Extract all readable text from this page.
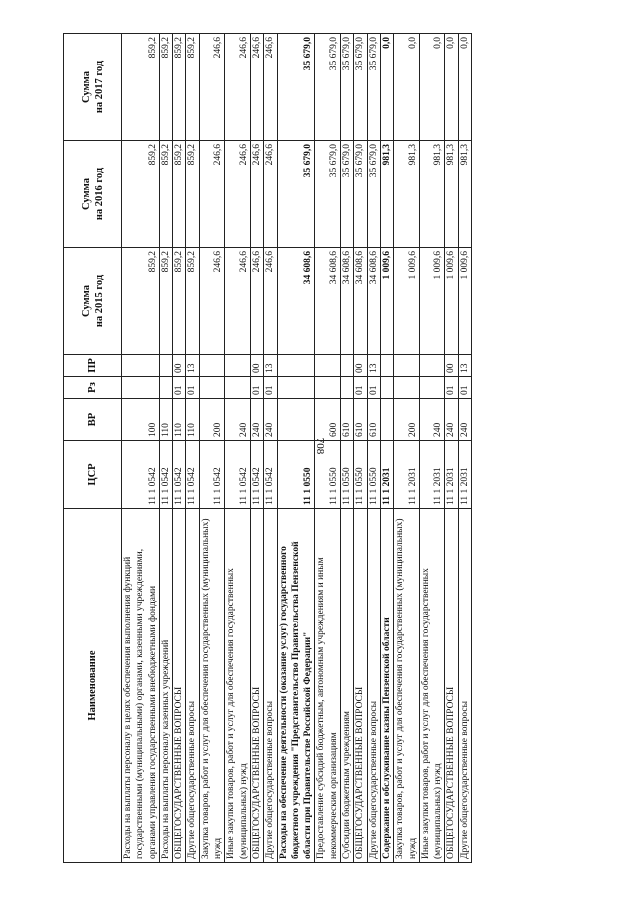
708
Наименование	ЦСР	ВР	Рз	ПР	Сумма на 2015 год	Сумма на 2016 год	Сумма на 2017 год
Расходы на выплаты персоналу в целях обеспечения выполнения функций государственными (муниципальными) органами, казенными учреждениями, органами управления государственными внебюджетными фондами	11 1 0542	100			859,2	859,2	859,2
Расходы на выплаты персоналу казенных учреждений	11 1 0542	110			859,2	859,2	859,2
ОБЩЕГОСУДАРСТВЕННЫЕ ВОПРОСЫ	11 1 0542	110	01	00	859,2	859,2	859,2
Другие общегосударственные вопросы	11 1 0542	110	01	13	859,2	859,2	859,2
Закупка товаров, работ и услуг для обеспечения государственных (муниципальных) нужд	11 1 0542	200			246,6	246,6	246,6
Иные закупки товаров, работ и услуг для обеспечения государственных (муниципальных) нужд	11 1 0542	240			246,6	246,6	246,6
ОБЩЕГОСУДАРСТВЕННЫЕ ВОПРОСЫ	11 1 0542	240	01	00	246,6	246,6	246,6
Другие общегосударственные вопросы	11 1 0542	240	01	13	246,6	246,6	246,6
Расходы на обеспечение деятельности (оказание услуг) государственного бюджетного учреждения "Представительство Правительства Пензенской области при Правительстве Российской Федерации"	11 1 0550				34 608,6	35 679,0	35 679,0
Предоставление субсидий бюджетным, автономным учреждениям и иным некоммерческим организациям	11 1 0550	600			34 608,6	35 679,0	35 679,0
Субсидии бюджетным учреждениям	11 1 0550	610			34 608,6	35 679,0	35 679,0
ОБЩЕГОСУДАРСТВЕННЫЕ ВОПРОСЫ	11 1 0550	610	01	00	34 608,6	35 679,0	35 679,0
Другие общегосударственные вопросы	11 1 0550	610	01	13	34 608,6	35 679,0	35 679,0
Содержание и обслуживание казны Пензенской области	11 1 2031				1 009,6	981,3	0,0
Закупка товаров, работ и услуг для обеспечения государственных (муниципальных) нужд	11 1 2031	200			1 009,6	981,3	0,0
Иные закупки товаров, работ и услуг для обеспечения государственных (муниципальных) нужд	11 1 2031	240			1 009,6	981,3	0,0
ОБЩЕГОСУДАРСТВЕННЫЕ ВОПРОСЫ	11 1 2031	240	01	00	1 009,6	981,3	0,0
Другие общегосударственные вопросы	11 1 2031	240	01	13	1 009,6	981,3	0,0
